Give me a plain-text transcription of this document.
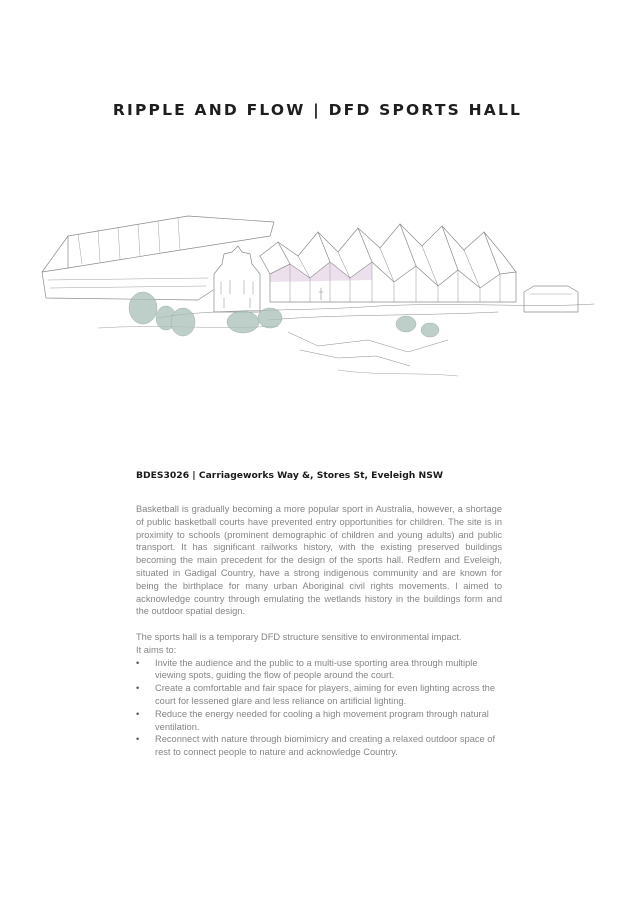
RIPPLE AND FLOW | DFD SPORTS HALL
BDES3026 | Carriageworks Way &, Stores St, Eveleigh NSW

Basketball is gradually becoming a more popular sport in Australia, however, a shortage of public basketball courts have prevented entry opportunities for children. The site is in proximity to schools (prominent demographic of children and young adults) and public transport. It has significant railworks history, with the existing preserved buildings becoming the main precedent for the design of the sports hall. Redfern and Eveleigh, situated in Gadigal Country, have a strong indigenous community and are known for being the birthplace for many urban Aboriginal civil rights movements. I aimed to acknowledge country through emulating the wetlands history in the buildings form and the outdoor spatial design.

The sports hall is a temporary DFD structure sensitive to environmental impact.

It aims to:

• Invite the audience and the public to a multi-use sporting area through multiple viewing spots, guiding the flow of people around the court.
• Create a comfortable and fair space for players, aiming for even lighting across the court for lessened glare and less reliance on artificial lighting.
• Reduce the energy needed for cooling a high movement program through natural ventilation.
• Reconnect with nature through biomimicry and creating a relaxed outdoor space of rest to connect people to nature and acknowledge Country.
